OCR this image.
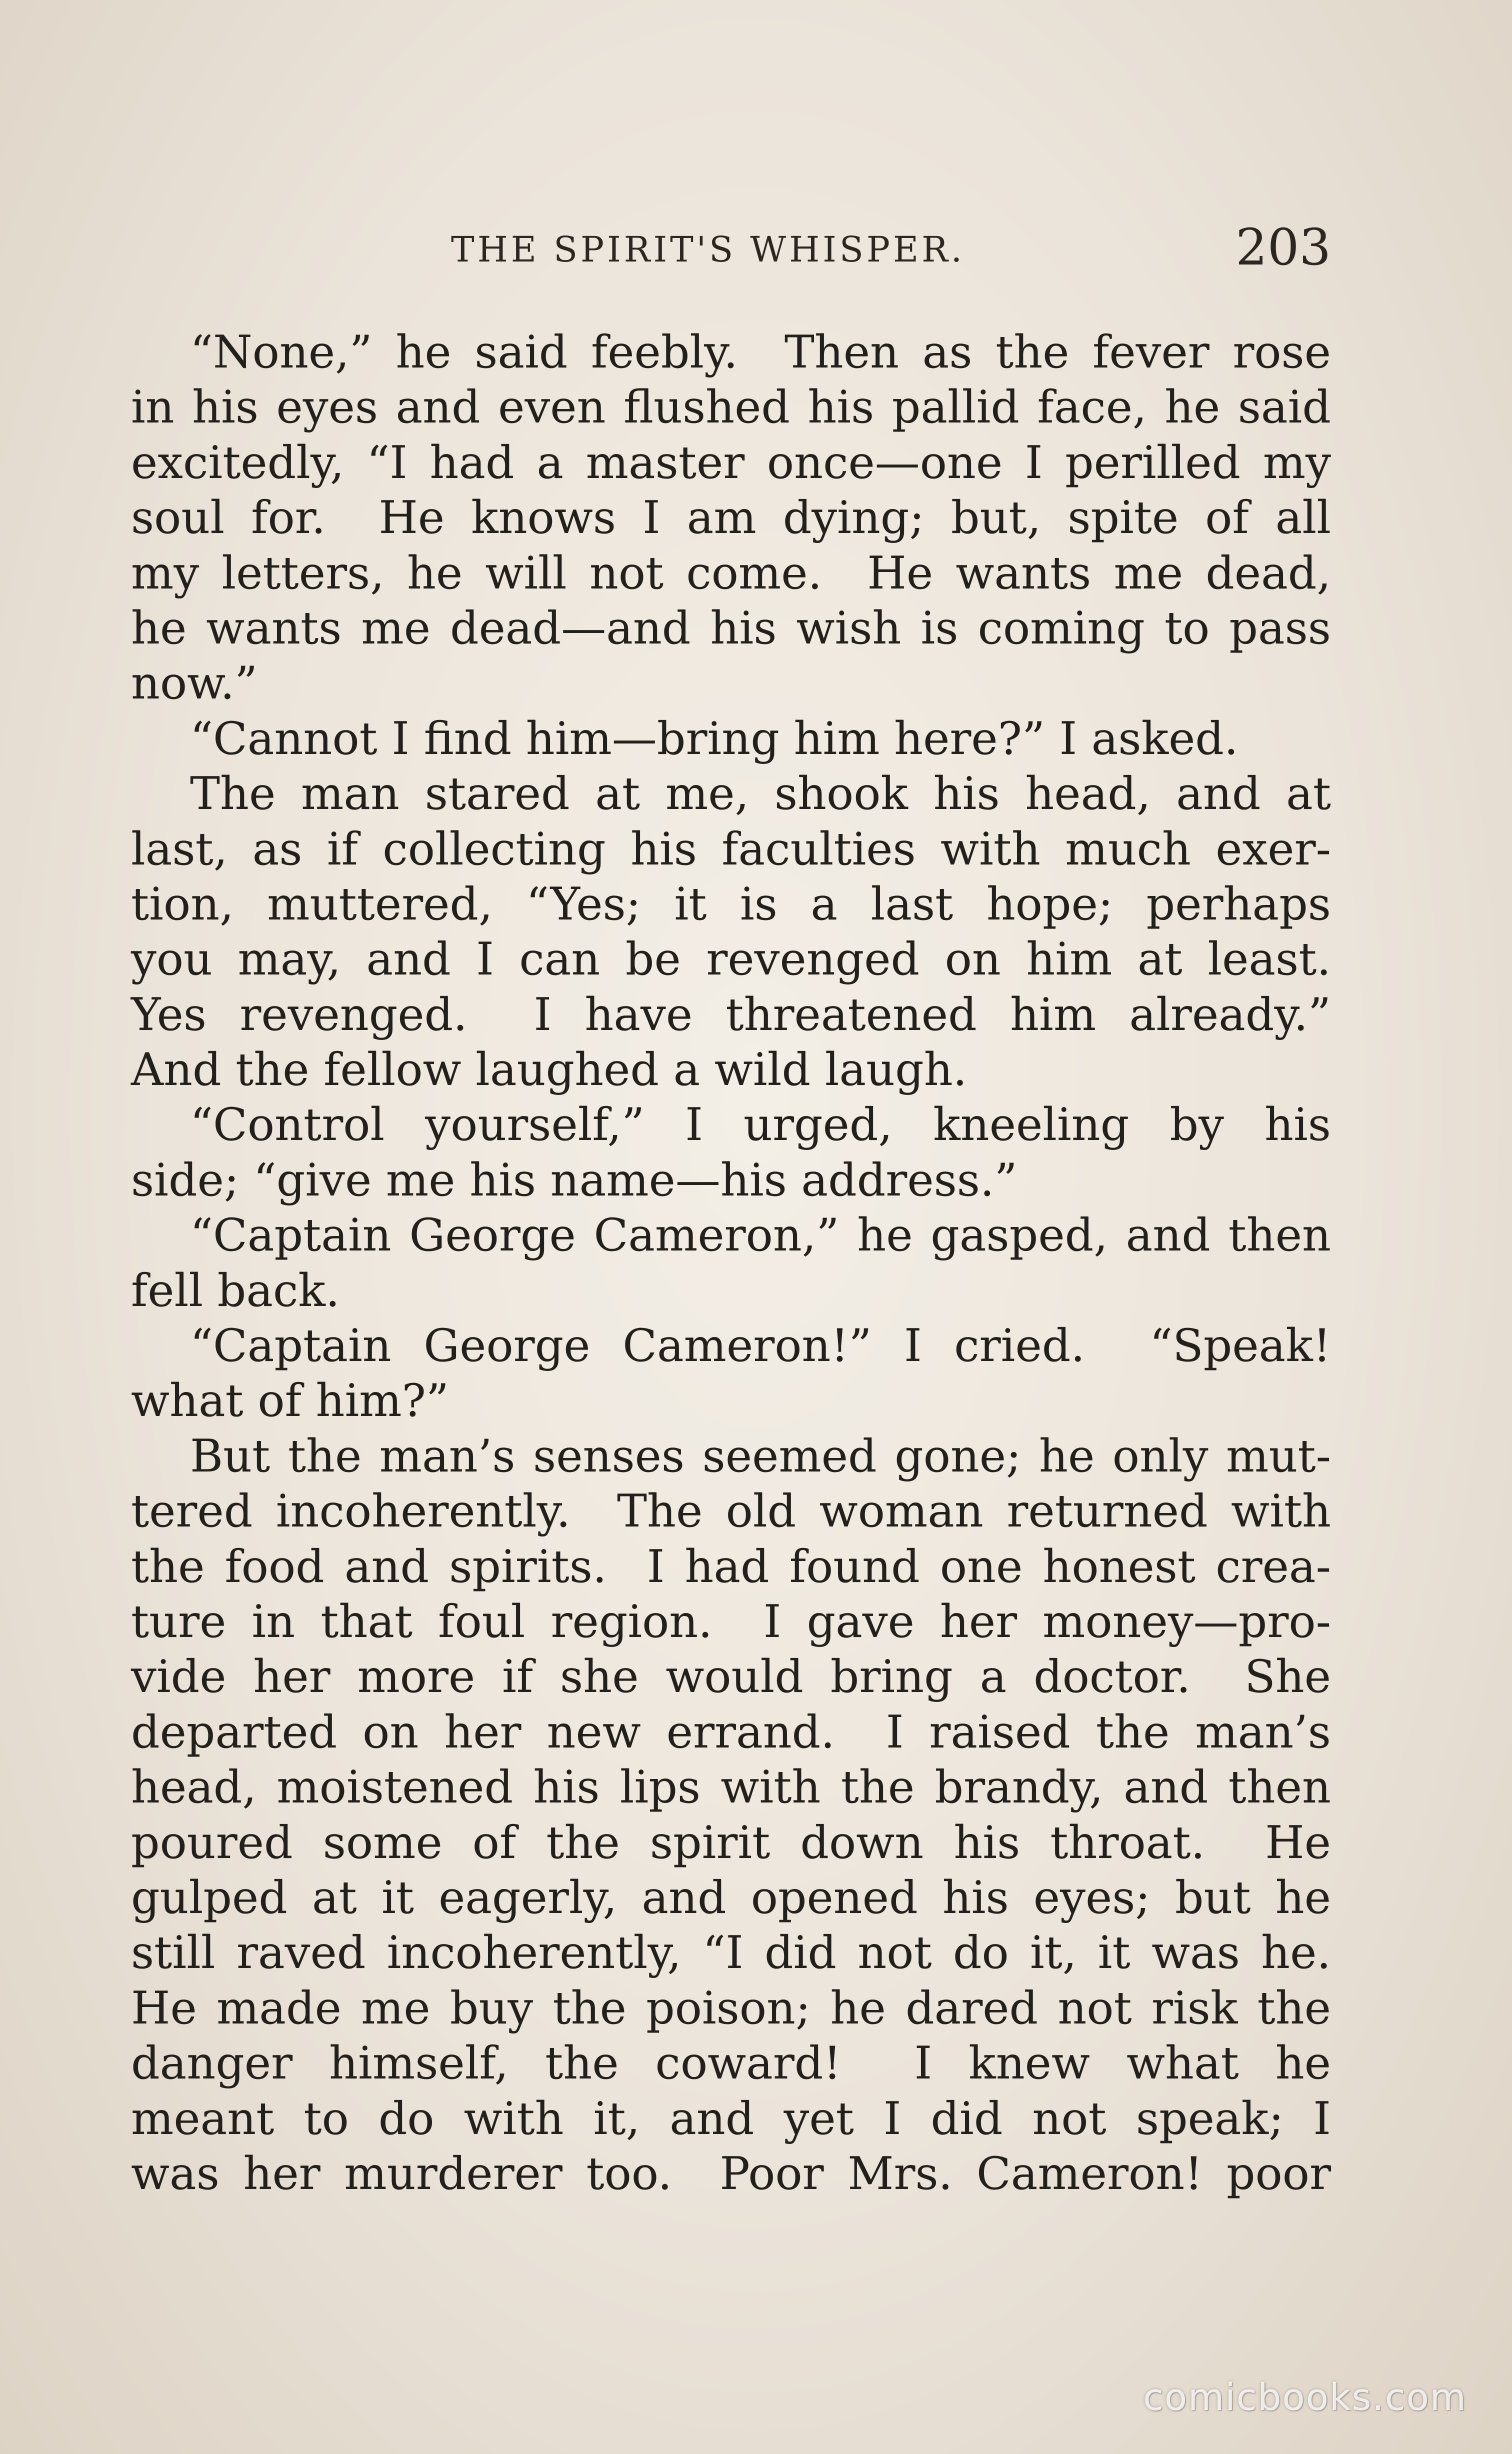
THE SPIRIT'S WHISPER.	203
“None,” he said feebly.  Then as the fever rose
in his eyes and even flushed his pallid face, he said
excitedly, “I had a master once—one I perilled my
soul for.  He knows I am dying; but, spite of all
my letters, he will not come.  He wants me dead,
he wants me dead—and his wish is coming to pass
now.”
“Cannot I find him—bring him here?” I asked.
The man stared at me, shook his head, and at
last, as if collecting his faculties with much exer-
tion, muttered, “Yes; it is a last hope; perhaps
you may, and I can be revenged on him at least.
Yes revenged.  I have threatened him already.”
And the fellow laughed a wild laugh.
“Control yourself,” I urged, kneeling by his
side; “give me his name—his address.”
“Captain George Cameron,” he gasped, and then
fell back.
“Captain George Cameron!” I cried.  “Speak!
what of him?”
But the man’s senses seemed gone; he only mut-
tered incoherently.  The old woman returned with
the food and spirits.  I had found one honest crea-
ture in that foul region.  I gave her money—pro-
vide her more if she would bring a doctor.  She
departed on her new errand.  I raised the man’s
head, moistened his lips with the brandy, and then
poured some of the spirit down his throat.  He
gulped at it eagerly, and opened his eyes; but he
still raved incoherently, “I did not do it, it was he.
He made me buy the poison; he dared not risk the
danger himself, the coward!  I knew what he
meant to do with it, and yet I did not speak; I
was her murderer too.  Poor Mrs. Cameron! poor
comicbooks.com
